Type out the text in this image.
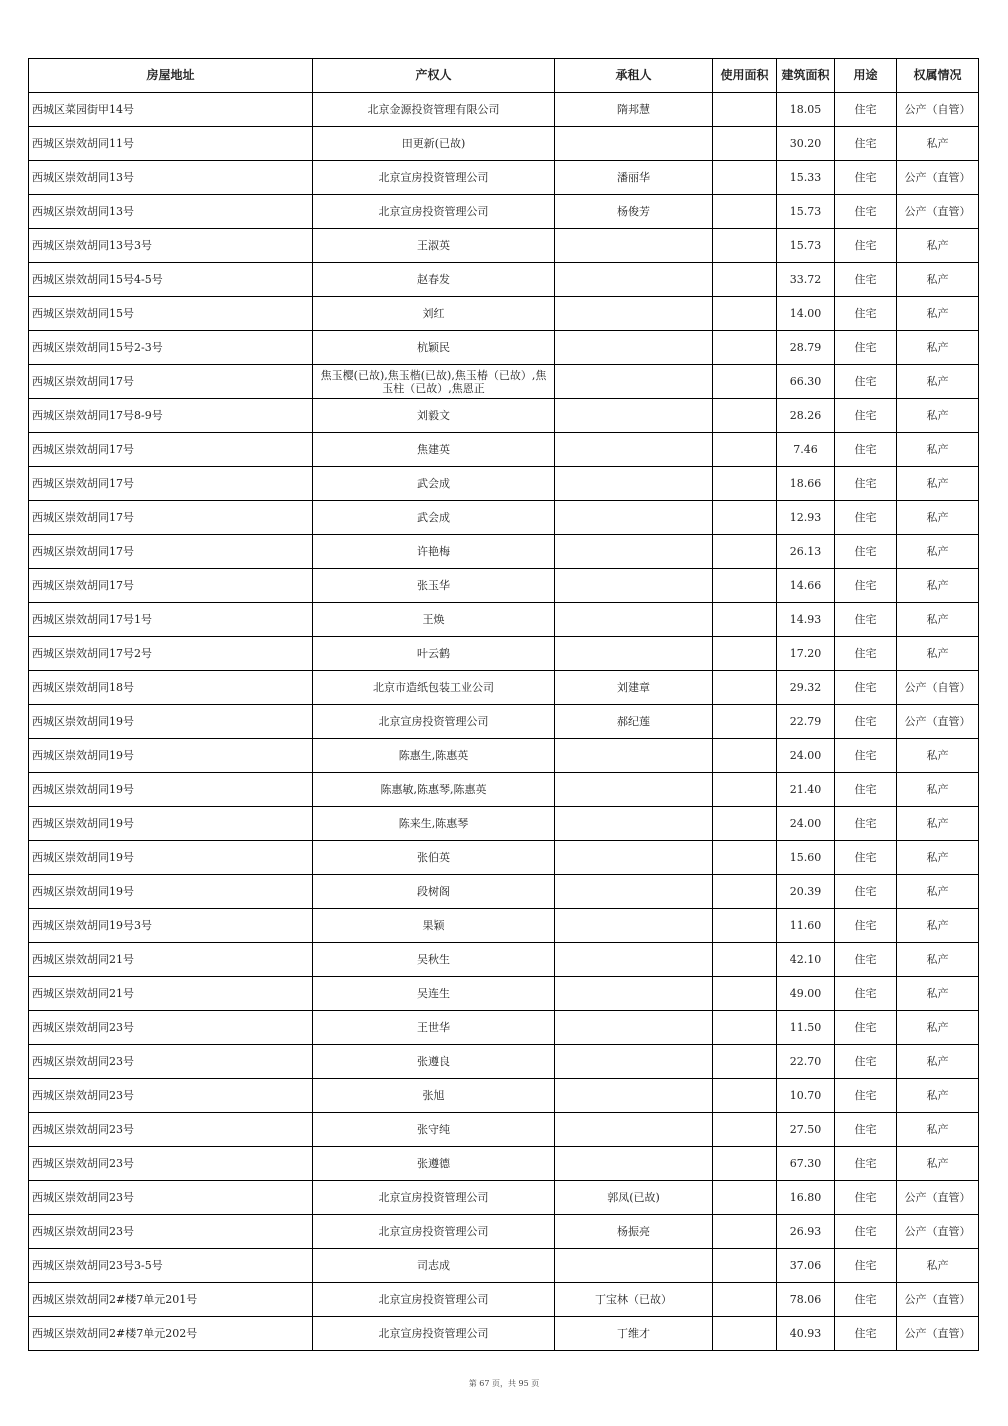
房屋地址	产权人	承租人	使用面积	建筑面积	用途	权属情况
西城区菜园街甲14号	北京金源投资管理有限公司	隋邦慧		18.05	住宅	公产（自管）
西城区崇效胡同11号	田更新(已故)			30.20	住宅	私产
西城区崇效胡同13号	北京宣房投资管理公司	潘丽华		15.33	住宅	公产（直管）
西城区崇效胡同13号	北京宣房投资管理公司	杨俊芳		15.73	住宅	公产（直管）
西城区崇效胡同13号3号	王淑英			15.73	住宅	私产
西城区崇效胡同15号4-5号	赵春发			33.72	住宅	私产
西城区崇效胡同15号	刘红			14.00	住宅	私产
西城区崇效胡同15号2-3号	杭颖民			28.79	住宅	私产
西城区崇效胡同17号	焦玉樱(已故),焦玉楷(已故),焦玉椿（已故）,焦玉柱（已故）,焦恩正			66.30	住宅	私产
西城区崇效胡同17号8-9号	刘毅文			28.26	住宅	私产
西城区崇效胡同17号	焦建英			7.46	住宅	私产
西城区崇效胡同17号	武会成			18.66	住宅	私产
西城区崇效胡同17号	武会成			12.93	住宅	私产
西城区崇效胡同17号	许艳梅			26.13	住宅	私产
西城区崇效胡同17号	张玉华			14.66	住宅	私产
西城区崇效胡同17号1号	王焕			14.93	住宅	私产
西城区崇效胡同17号2号	叶云鹤			17.20	住宅	私产
西城区崇效胡同18号	北京市造纸包装工业公司	刘建章		29.32	住宅	公产（自管）
西城区崇效胡同19号	北京宣房投资管理公司	郝纪莲		22.79	住宅	公产（直管）
西城区崇效胡同19号	陈惠生,陈惠英			24.00	住宅	私产
西城区崇效胡同19号	陈惠敏,陈惠琴,陈惠英			21.40	住宅	私产
西城区崇效胡同19号	陈来生,陈惠琴			24.00	住宅	私产
西城区崇效胡同19号	张伯英			15.60	住宅	私产
西城区崇效胡同19号	段树阁			20.39	住宅	私产
西城区崇效胡同19号3号	果颖			11.60	住宅	私产
西城区崇效胡同21号	吴秋生			42.10	住宅	私产
西城区崇效胡同21号	吴连生			49.00	住宅	私产
西城区崇效胡同23号	王世华			11.50	住宅	私产
西城区崇效胡同23号	张遵良			22.70	住宅	私产
西城区崇效胡同23号	张旭			10.70	住宅	私产
西城区崇效胡同23号	张守纯			27.50	住宅	私产
西城区崇效胡同23号	张遵德			67.30	住宅	私产
西城区崇效胡同23号	北京宣房投资管理公司	郭凤(已故)		16.80	住宅	公产（直管）
西城区崇效胡同23号	北京宣房投资管理公司	杨振亮		26.93	住宅	公产（直管）
西城区崇效胡同23号3-5号	司志成			37.06	住宅	私产
西城区崇效胡同2#楼7单元201号	北京宣房投资管理公司	丁宝林（已故）		78.06	住宅	公产（直管）
西城区崇效胡同2#楼7单元202号	北京宣房投资管理公司	丁维才		40.93	住宅	公产（直管）
第 67 页，共 95 页
